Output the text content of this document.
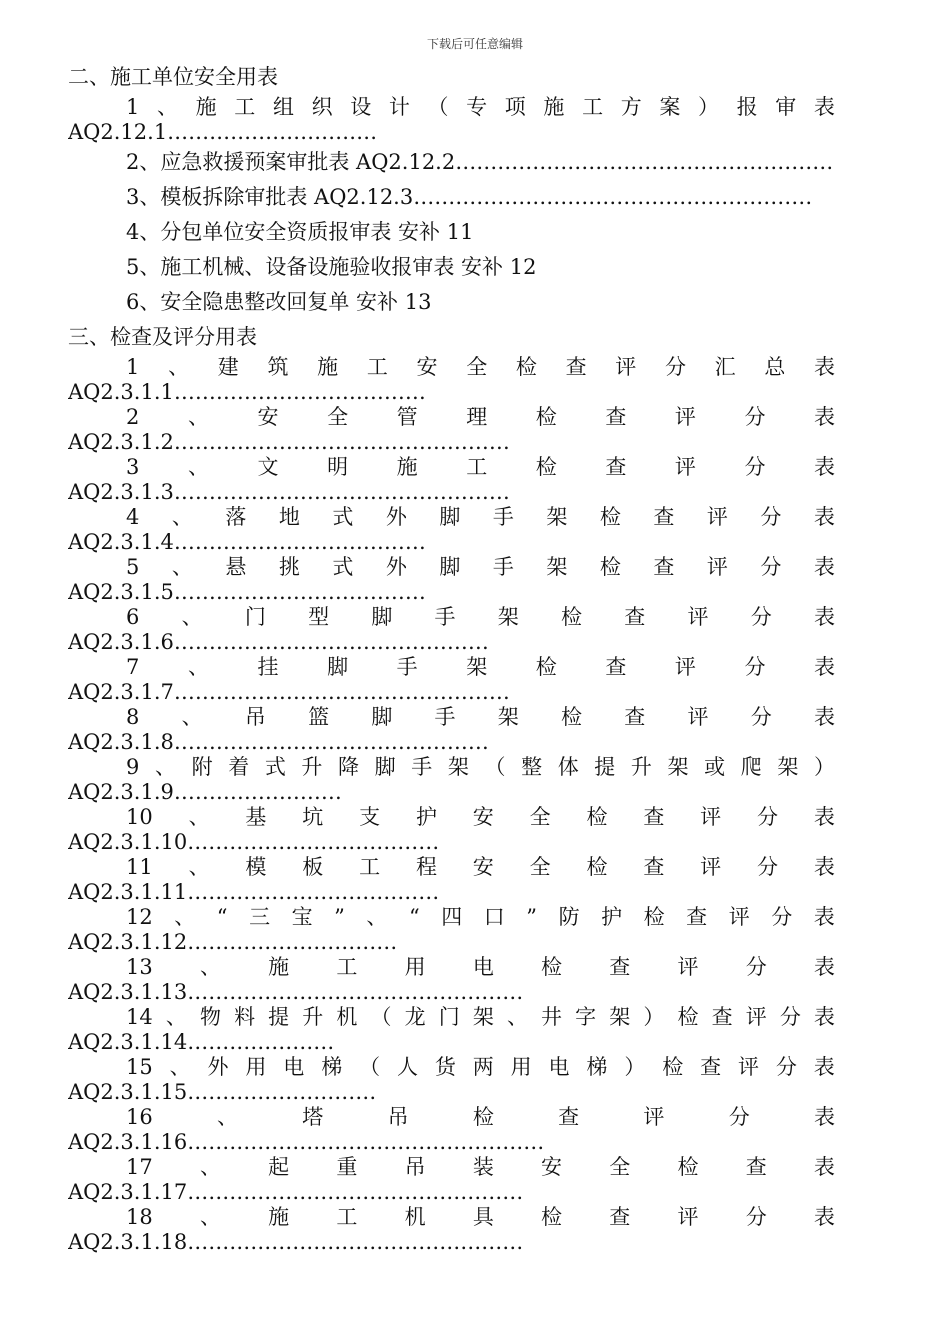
下载后可任意编辑
二、施工单位安全用表
1 、 施 工 组 织 设 计 （ 专 项 施 工 方 案 ） 报 审 表
AQ2.12.1…………………………
2、应急救援预案审批表 AQ2.12.2………………………………………………
3、模板拆除审批表 AQ2.12.3…………………………………………………
4、分包单位安全资质报审表 安补 11
5、施工机械、设备设施验收报审表 安补 12
6、安全隐患整改回复单 安补 13
三、检查及评分用表
1 、 建 筑 施 工 安 全 检 查 评 分 汇 总 表
AQ2.3.1.1………………………………
2 、 安 全 管 理 检 查 评 分 表
AQ2.3.1.2…………………………………………
3 、 文 明 施 工 检 查 评 分 表
AQ2.3.1.3…………………………………………
4 、 落 地 式 外 脚 手 架 检 查 评 分 表
AQ2.3.1.4………………………………
5 、 悬 挑 式 外 脚 手 架 检 查 评 分 表
AQ2.3.1.5………………………………
6 、 门 型 脚 手 架 检 查 评 分 表
AQ2.3.1.6………………………………………
7 、 挂 脚 手 架 检 查 评 分 表
AQ2.3.1.7…………………………………………
8 、 吊 篮 脚 手 架 检 查 评 分 表
AQ2.3.1.8………………………………………
9 、 附 着 式 升 降 脚 手 架 （ 整 体 提 升 架 或 爬 架 ）
AQ2.3.1.9……………………
10 、 基 坑 支 护 安 全 检 查 评 分 表
AQ2.3.1.10………………………………
11 、 模 板 工 程 安 全 检 查 评 分 表
AQ2.3.1.11………………………………
12 、 “ 三 宝 ” 、 “ 四 口 ” 防 护 检 查 评 分 表
AQ2.3.1.12…………………………
13 、 施 工 用 电 检 查 评 分 表
AQ2.3.1.13…………………………………………
14 、 物 料 提 升 机 （ 龙 门 架 、 井 字 架 ） 检 查 评 分 表
AQ2.3.1.14…………………
15 、 外 用 电 梯 （ 人 货 两 用 电 梯 ） 检 查 评 分 表
AQ2.3.1.15………………………
16	、	塔	吊	检	查	评	分	表
AQ2.3.1.16……………………………………………
17 、 起 重 吊 装 安 全 检 查 表
AQ2.3.1.17…………………………………………
18 、 施 工 机 具 检 查 评 分 表
AQ2.3.1.18…………………………………………
